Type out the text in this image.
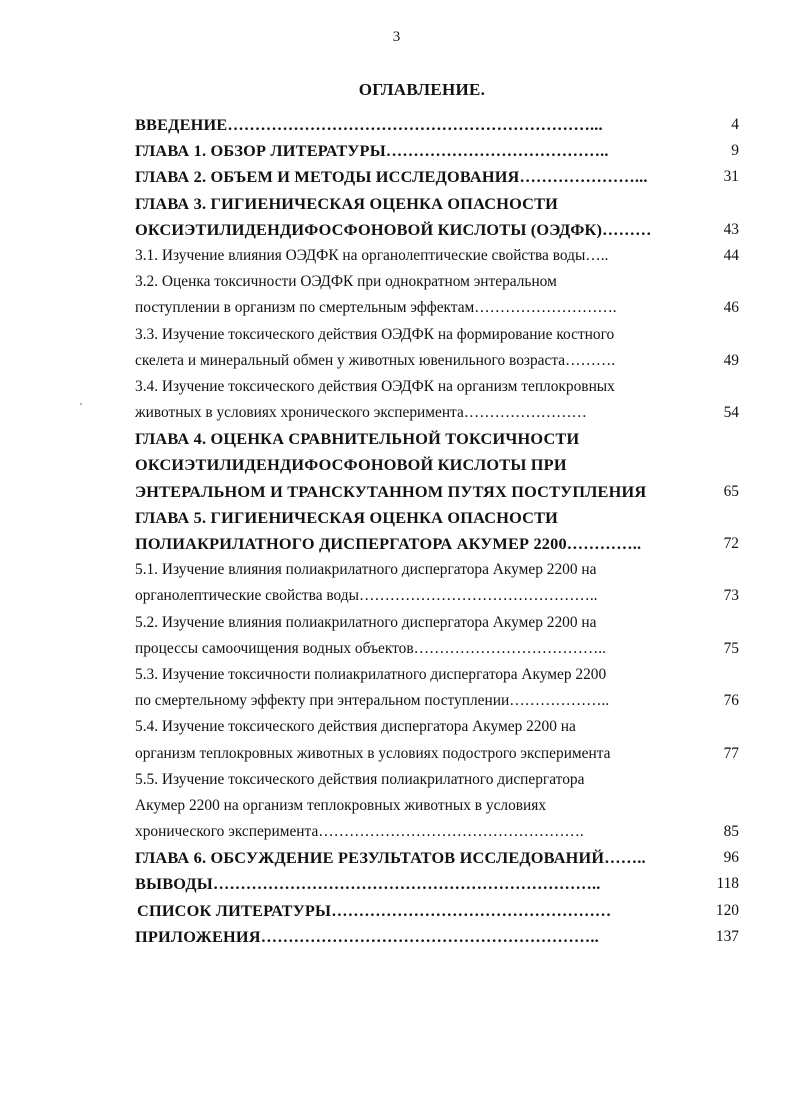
3
ОГЛАВЛЕНИЕ.
ВВЕДЕНИЕ…………………………………………………………...	4
ГЛАВА 1. ОБЗОР ЛИТЕРАТУРЫ…………………………………..	9
ГЛАВА 2. ОБЪЕМ И МЕТОДЫ ИССЛЕДОВАНИЯ…………………...	31
ГЛАВА 3. ГИГИЕНИЧЕСКАЯ ОЦЕНКА ОПАСНОСТИ
ОКСИЭТИЛИДЕНДИФОСФОНОВОЙ КИСЛОТЫ (ОЭДФК)………	43
3.1. Изучение влияния ОЭДФК на органолептические свойства воды…..	44
3.2. Оценка токсичности ОЭДФК при однократном энтеральном
поступлении в организм по смертельным эффектам……………………….	46
3.3. Изучение токсического действия ОЭДФК на формирование костного
скелета и минеральный обмен у животных ювенильного возраста……….	49
3.4. Изучение токсического действия ОЭДФК на организм теплокровных
животных в условиях хронического эксперимента……………………	54
ГЛАВА 4. ОЦЕНКА СРАВНИТЕЛЬНОЙ ТОКСИЧНОСТИ
ОКСИЭТИЛИДЕНДИФОСФОНОВОЙ КИСЛОТЫ ПРИ
ЭНТЕРАЛЬНОМ И ТРАНСКУТАННОМ ПУТЯХ ПОСТУПЛЕНИЯ	65
ГЛАВА 5. ГИГИЕНИЧЕСКАЯ ОЦЕНКА ОПАСНОСТИ
ПОЛИАКРИЛАТНОГО ДИСПЕРГАТОРА АКУМЕР 2200…………..	72
5.1. Изучение влияния полиакрилатного диспергатора Акумер 2200 на
органолептические свойства воды………………………………………..	73
5.2. Изучение влияния полиакрилатного диспергатора Акумер 2200 на
процессы самоочищения водных объектов………………………………..	75
5.3. Изучение токсичности полиакрилатного диспергатора Акумер 2200
по смертельному эффекту при энтеральном поступлении………………..	76
5.4. Изучение токсического действия диспергатора Акумер 2200 на
организм теплокровных животных в условиях подострого эксперимента	77
5.5. Изучение токсического действия полиакрилатного диспергатора
Акумер 2200 на организм теплокровных животных в условиях
хронического эксперимента…………………………………………….	85
ГЛАВА 6. ОБСУЖДЕНИЕ РЕЗУЛЬТАТОВ ИССЛЕДОВАНИЙ……..	96
ВЫВОДЫ……………………………………………………………..	118
СПИСОК ЛИТЕРАТУРЫ……………………………………………	120
ПРИЛОЖЕНИЯ……………………………………………………..	137
